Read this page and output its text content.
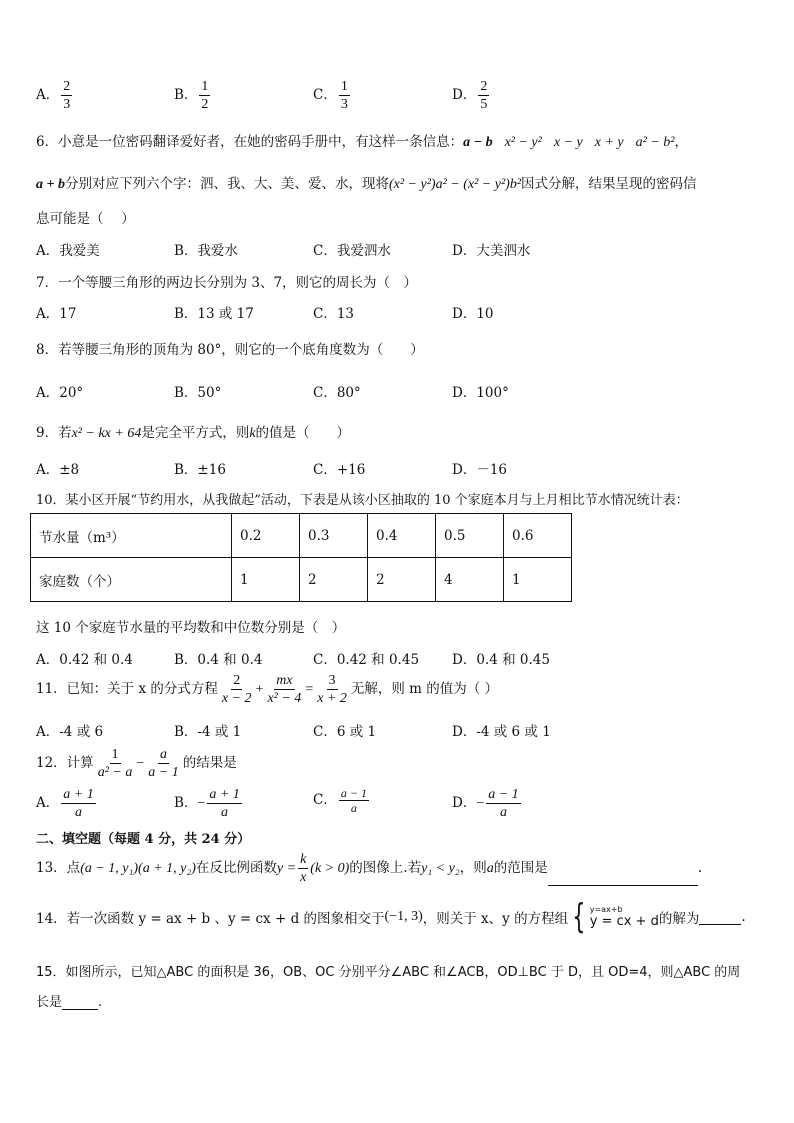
A． $\frac{2}{3}$	B． $\frac{1}{2}$	C． $\frac{1}{3}$	D． $\frac{2}{5}$
6．小意是一位密码翻译爱好者，在她的密码手册中，有这样一条信息：a − b x² − y² x − y x + y a² − b²，
a + b分别对应下列六个字：泗、我、大、美、爱、水，现将(x² − y²)a² − (x² − y²)b²因式分解，结果呈现的密码信
息可能是（　 ）
A．我爱美	B．我爱水	C．我爱泗水	D．大美泗水
7．一个等腰三角形的两边长分别为 3、7，则它的周长为（　）
A．17	B．13 或 17	C．13	D．10
8．若等腰三角形的顶角为 80°，则它的一个底角度数为（　　）
A．20°	B．50°	C．80°	D．100°
9．若x² − kx + 64是完全平方式，则k的值是（　　）
A．±8	B．±16	C．+16	D．－16
10．某小区开展“节约用水，从我做起”活动，下表是从该小区抽取的 10 个家庭本月与上月相比节水情况统计表：
节水量（m³）	0.2	0.3	0.4	0.5	0.6
家庭数（个）	1	2	2	4	1
这 10 个家庭节水量的平均数和中位数分别是（　）
A．0.42 和 0.4	B．0.4 和 0.4	C．0.42 和 0.45 D．0.4 和 0.45
11．已知：关于 x 的分式方程 $\frac{2}{x - 2} + \frac{mx}{\text{x² − 4}} = \frac{3}{x + 2}$ 无解，则 m 的值为（ ）
A．-4 或 6	B．-4 或 1	C．6 或 1	D．-4 或 6 或 1
12．计算 $\frac{1}{\text{a² − a}} - \frac{a}{a - 1}$ 的结果是
A． $\frac{a + 1}{a}$	B．− $\frac{a + 1}{a}$	C． $\frac{a - 1}{a}$	D．− $\frac{a - 1}{a}$
二、填空题（每题 4 分，共 24 分）
13．点(a − 1, y₁)(a + 1, y₂)在反比例函数$y = \frac{k}{x} (k > 0)$的图像上.若y₁ < y₂，则a的范围是	.
14．若一次函数 y = ax + b 、y = cx + d 的图象相交于(−1, 3)，则关于 x、y 的方程组 { y=ax+b
y = cx + d 的解为	.
15．如图所示，已知△ABC 的面积是 36，OB、OC 分别平分∠ABC 和∠ACB，OD⊥BC 于 D，且 OD=4，则△ABC 的周
长是	.
